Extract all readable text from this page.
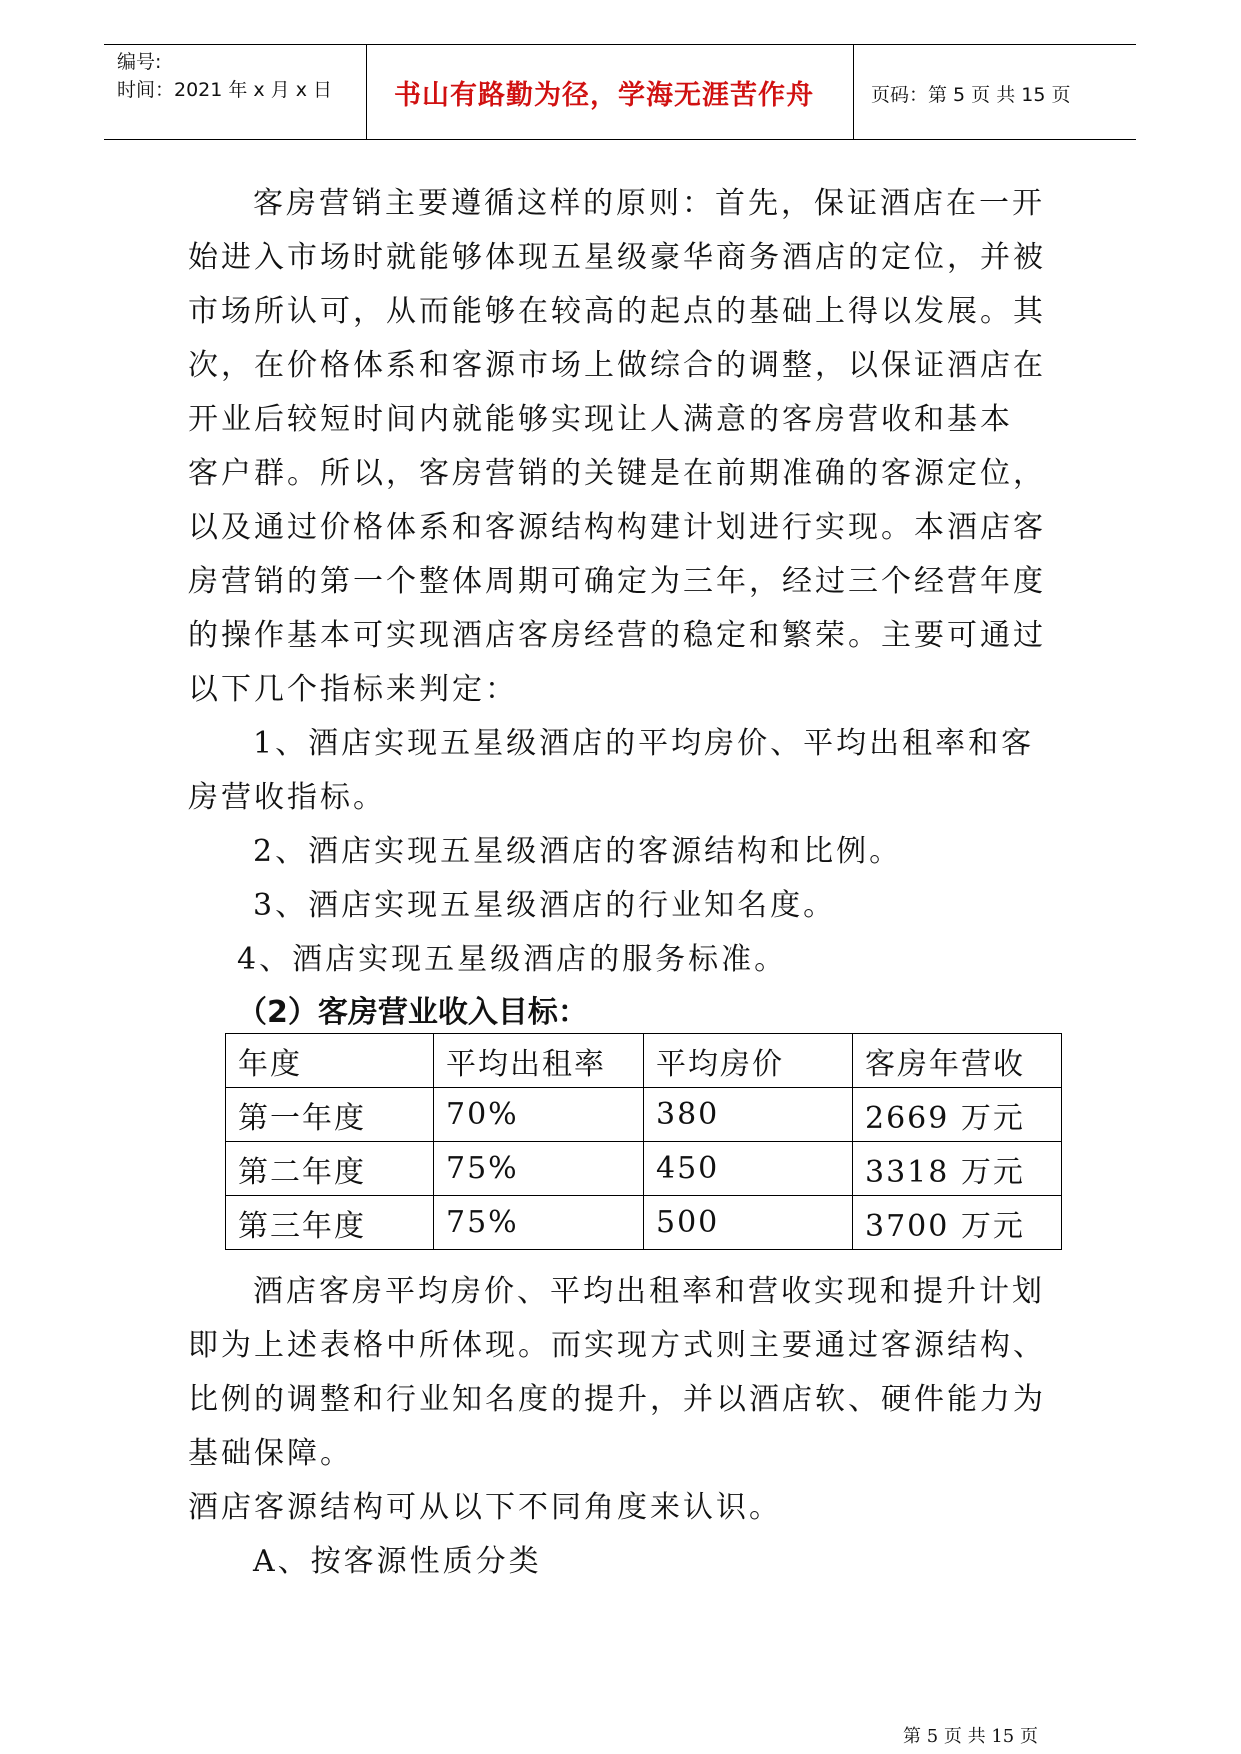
编号:
时间：2021 年 x 月 x 日 书山有路勤为径，学海无涯苦作舟	页码：第 5 页 共 15 页
客房营销主要遵循这样的原则：首先，保证酒店在一开
始进入市场时就能够体现五星级豪华商务酒店的定位，并被
市场所认可，从而能够在较高的起点的基础上得以发展。其
次，在价格体系和客源市场上做综合的调整，以保证酒店在
开业后较短时间内就能够实现让人满意的客房营收和基本
客户群。所以，客房营销的关键是在前期准确的客源定位，
以及通过价格体系和客源结构构建计划进行实现。本酒店客
房营销的第一个整体周期可确定为三年，经过三个经营年度
的操作基本可实现酒店客房经营的稳定和繁荣。主要可通过
以下几个指标来判定：
1、酒店实现五星级酒店的平均房价、平均出租率和客
房营收指标。
2、酒店实现五星级酒店的客源结构和比例。
3、酒店实现五星级酒店的行业知名度。
4、酒店实现五星级酒店的服务标准。
（2）客房营业收入目标：
年度	平均出租率	平均房价	客房年营收
第一年度	70%	380	2669 万元
第二年度	75%	450	3318 万元
第三年度	75%	500	3700 万元
酒店客房平均房价、平均出租率和营收实现和提升计划
即为上述表格中所体现。而实现方式则主要通过客源结构、
比例的调整和行业知名度的提升，并以酒店软、硬件能力为
基础保障。
酒店客源结构可从以下不同角度来认识。
A、按客源性质分类
第 5 页 共 15 页
